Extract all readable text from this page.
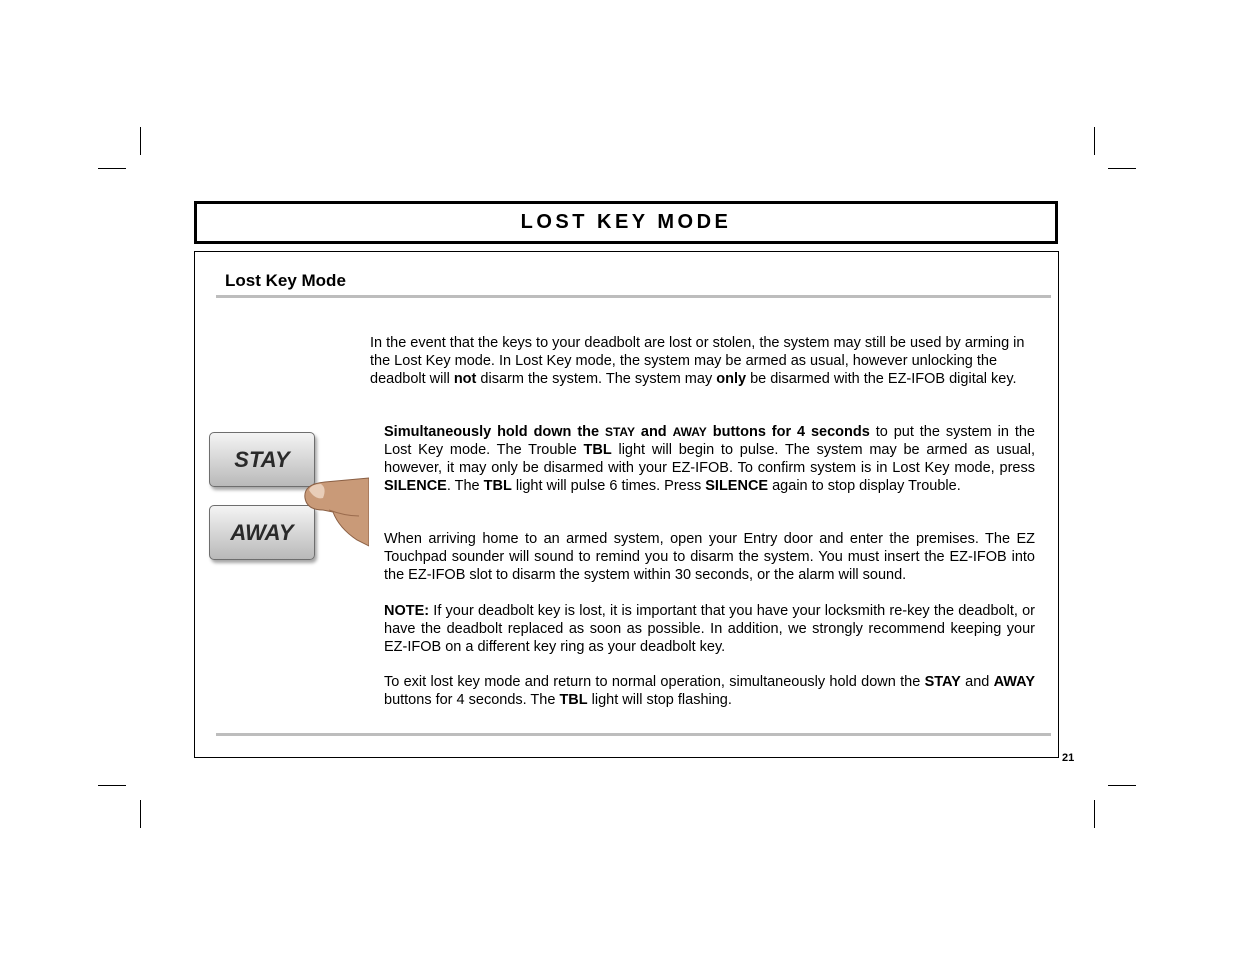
LOST KEY MODE
Lost Key Mode
STAY
AWAY

In the event that the keys to your deadbolt are lost or stolen, the system may still be used by arming in the Lost Key mode. In Lost Key mode, the system may be armed as usual, however unlocking the deadbolt will not disarm the system. The system may only be disarmed with the EZ-IFOB digital key.

Simultaneously hold down the STAY and AWAY buttons for 4 seconds to put the system in the Lost Key mode. The Trouble TBL light will begin to pulse. The system may be armed as usual, however, it may only be disarmed with your EZ-IFOB. To confirm system is in Lost Key mode, press SILENCE. The TBL light will pulse 6 times. Press SILENCE again to stop display Trouble.

When arriving home to an armed system, open your Entry door and enter the premises. The EZ Touchpad sounder will sound to remind you to disarm the system. You must insert the EZ-IFOB into the EZ-IFOB slot to disarm the system within 30 seconds, or the alarm will sound.

NOTE: If your deadbolt key is lost, it is important that you have your locksmith re-key the deadbolt, or have the deadbolt replaced as soon as possible. In addition, we strongly recommend keeping your EZ-IFOB on a different key ring as your deadbolt key.

To exit lost key mode and return to normal operation, simultaneously hold down the STAY and AWAY buttons for 4 seconds. The TBL light will stop flashing.

21
